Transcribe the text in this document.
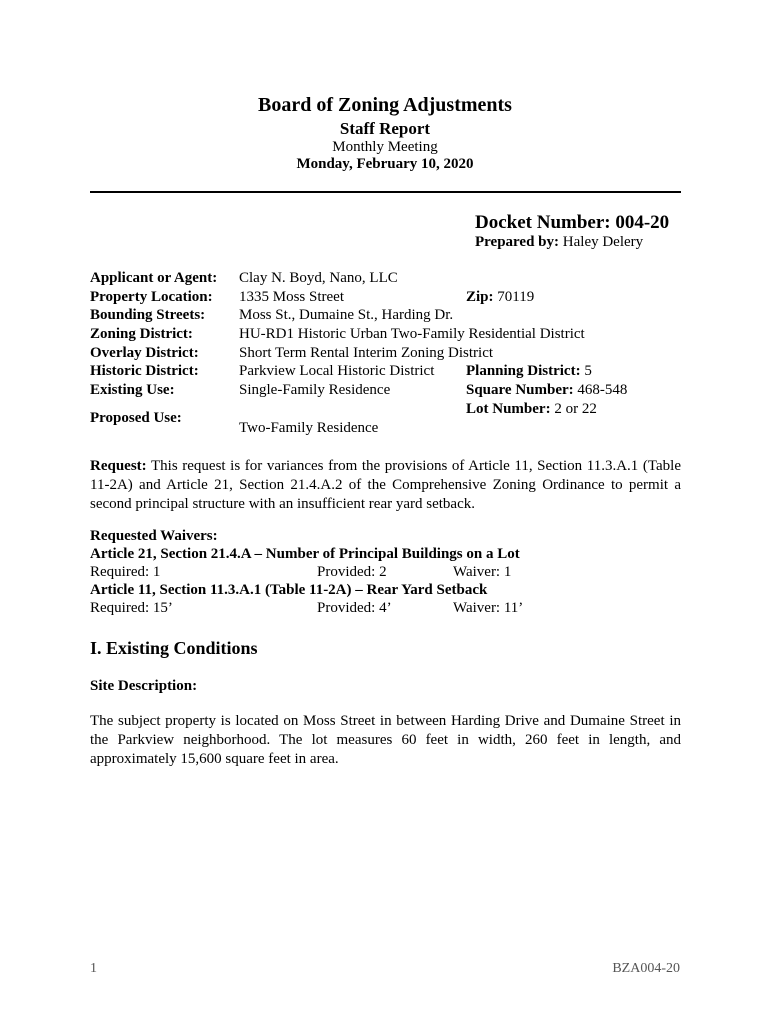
Board of Zoning Adjustments
Staff Report
Monthly Meeting
Monday, February 10, 2020
Docket Number: 004-20
Prepared by: Haley Delery
Applicant or Agent: Clay N. Boyd, Nano, LLC
Property Location: 1335 Moss Street	Zip: 70119
Bounding Streets: Moss St., Dumaine St., Harding Dr.
Zoning District:	HU-RD1 Historic Urban Two-Family Residential District
Overlay District:	Short Term Rental Interim Zoning District
Historic District:	Parkview Local Historic District Planning District: 5
Existing Use:	Single-Family Residence	Square Number: 468-548
Lot Number: 2 or 22
Proposed Use:
Two-Family Residence
Request: This request is for variances from the provisions of Article 11, Section 11.3.A.1 (Table 11-2A) and Article 21, Section 21.4.A.2 of the Comprehensive Zoning Ordinance to permit a second principal structure with an insufficient rear yard setback.
Requested Waivers:
Article 21, Section 21.4.A – Number of Principal Buildings on a Lot
Required: 1	Provided: 2	Waiver: 1
Article 11, Section 11.3.A.1 (Table 11-2A) – Rear Yard Setback
Required: 15’	Provided: 4’	Waiver: 11’
I. Existing Conditions
Site Description:
The subject property is located on Moss Street in between Harding Drive and Dumaine Street in the Parkview neighborhood. The lot measures 60 feet in width, 260 feet in length, and approximately 15,600 square feet in area.
1	BZA004-20
